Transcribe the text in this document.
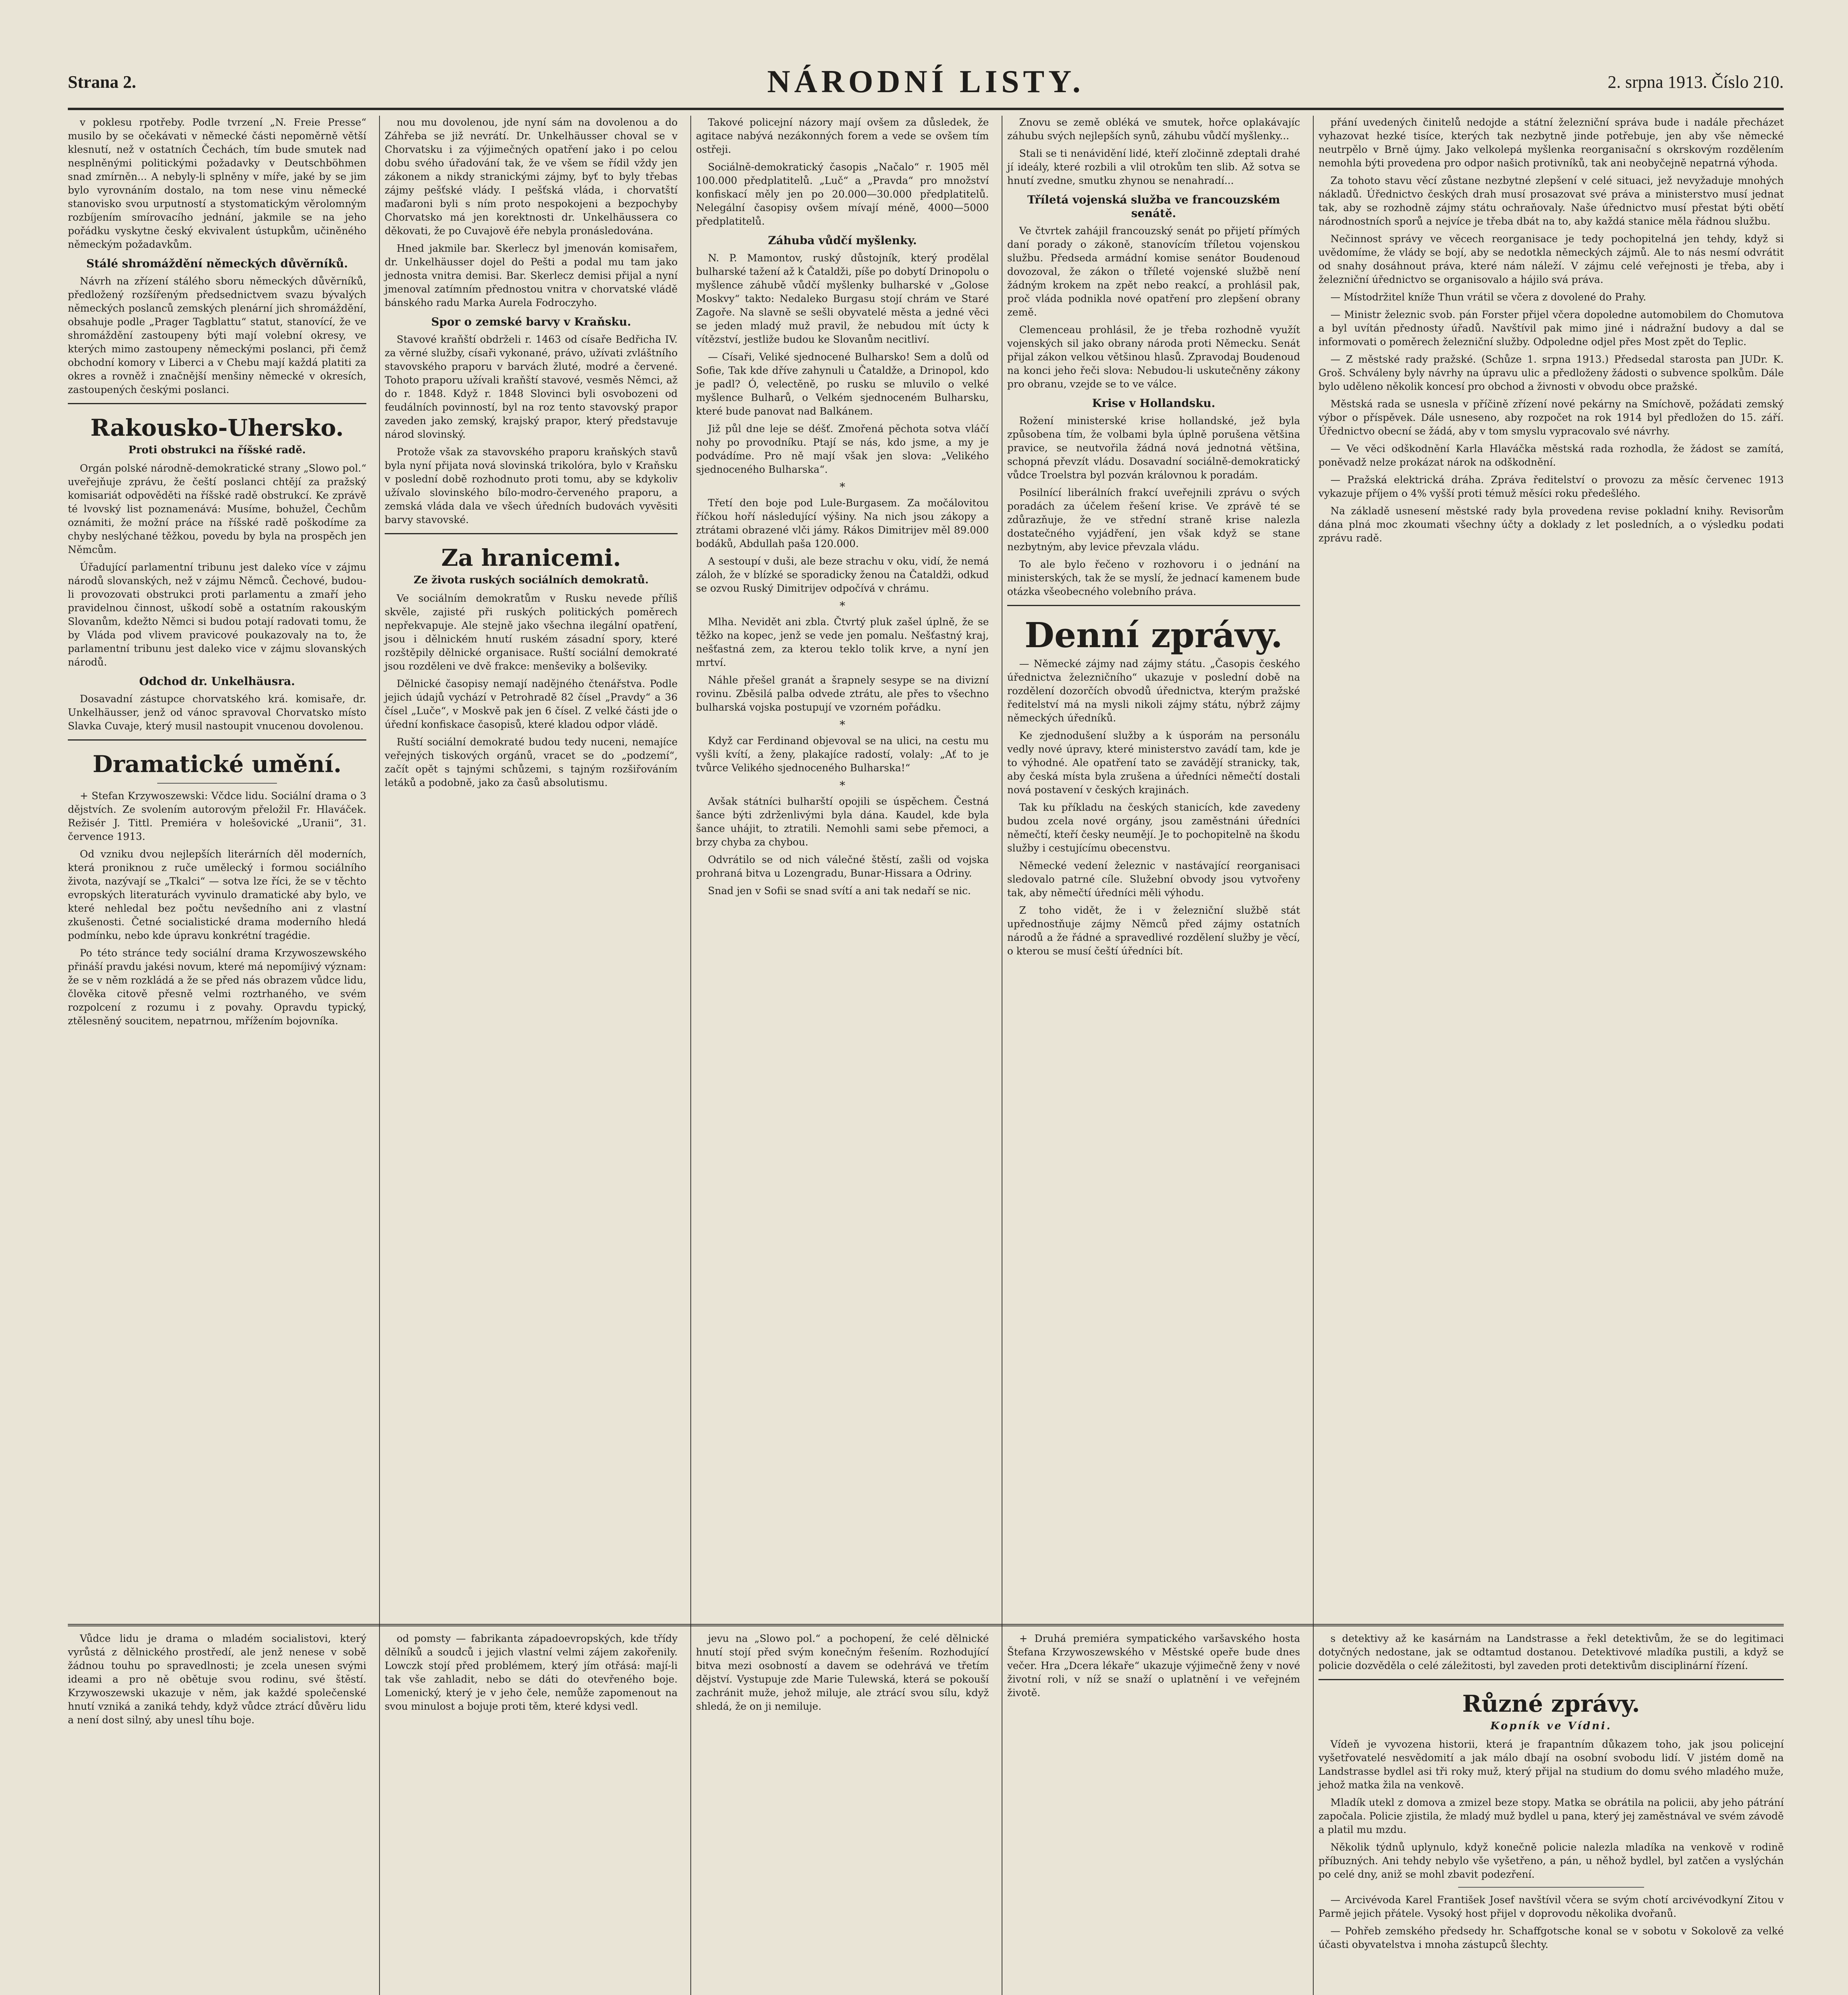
Strana 2.	NÁRODNÍ LISTY.	2. srpna 1913. Číslo 210.

v poklesu rpotřeby. Podle tvrzení „N. Freie Presse“ musilo by se očekávati v německé části nepoměrně větší klesnutí, než v ostatních Čechách, tím bude smutek nad nesplněnými politickými požadavky v Deutschböhmen snad zmírněn... A nebyly-li splněny v míře, jaké by se jim bylo vyrovnáním dostalo, na tom nese vinu německé stanovisko svou urputností a stystomatickým věrolomným rozbíjením smírovacího jednání, jakmile se na jeho pořádku vyskytne český ekvivalent ústupkům, učiněného německým požadavkům.

Stálé shromáždění německých důvěrníků.

Návrh na zřízení stálého sboru německých důvěrníků, předložený rozšířeným předsednictvem svazu bývalých německých poslanců zemských plenární jich shromáždění, obsahuje podle „Prager Tagblattu“ statut, stanovící, že ve shromáždění zastoupeny býti mají volební okresy, ve kterých mimo zastoupeny německými poslanci, při čemž obchodní komory v Liberci a v Chebu mají každá platiti za okres a rovněž i značnější menšiny německé v okresích, zastoupených českými poslanci.

Rakousko-Uhersko.
Proti obstrukci na říšské radě.

Orgán polské národně-demokratické strany „Slowo pol.“ uveřejňuje zprávu, že čeští poslanci chtějí za pražský komisariát odpověděti na říšské radě obstrukcí. Ke zprávě té lvovský list poznamenává: Musíme, bohužel, Čechům oznámiti, že možní práce na říšské radě poškodíme za chyby neslýchané těžkou, povedu by byla na prospěch jen Němcům.

Úřadující parlamentní tribunu jest daleko více v zájmu národů slovanských, než v zájmu Němců. Čechové, budou-li provozovati obstrukci proti parlamentu a zmaří jeho pravidelnou činnost, uškodí sobě a ostatním rakouským Slovanům, kdežto Němci si budou potají radovati tomu, že by Vláda pod vlivem pravicové poukazovaly na to, že parlamentní tribunu jest daleko vice v zájmu slovanských národů.

Odchod dr. Unkelhäusra.

Dosavadní zástupce chorvatského krá. komisaře, dr. Unkelhäusser, jenž od vánoc spravoval Chorvatsko místo Slavka Cuvaje, který musil nastoupit vnucenou dovolenou.

Dramatické umění.

+ Stefan Krzywoszewski: Včdce lidu. Sociální drama o 3 dějstvích. Ze svolením autorovým přeložil Fr. Hlaváček. Režisér J. Tittl. Premiéra v holešovické „Uranii“, 31. července 1913.

Od vzniku dvou nejlepších literárních děl moderních, která proniknou z ruče umělecký i formou sociálního života, nazývají se „Tkalci“ — sotva lze říci, že se v těchto evropských literaturách vyvinulo dramatické aby bylo, ve které nehledal bez počtu nevšedního ani z vlastní zkušenosti. Četné socialistické drama moderního hledá podmínku, nebo kde úpravu konkrétní tragédie.

Po této stránce tedy sociální drama Krzywoszewského přináší pravdu jakési novum, které má nepomíjivý význam: že se v něm rozkládá a že se před nás obrazem vůdce lidu, člověka citově přesně velmi roztrhaného, ve svém rozpolcení z rozumu i z povahy. Opravdu typický, ztělesněný soucitem, nepatrnou, mřížením bojovníka.

nou mu dovolenou, jde nyní sám na dovolenou a do Záhřeba se již nevrátí. Dr. Unkelhäusser choval se v Chorvatsku i za výjimečných opatření jako i po celou dobu svého úřadování tak, že ve všem se řídil vždy jen zákonem a nikdy stranickými zájmy, byť to byly třebas zájmy pešťské vlády. I pešťská vláda, i chorvatští maďaroni byli s ním proto nespokojeni a bezpochyby Chorvatsko má jen korektnosti dr. Unkelhäussera co děkovati, že po Cuvajově éře nebyla pronásledována.

Hned jakmile bar. Skerlecz byl jmenován komisařem, dr. Unkelhäusser dojel do Pešti a podal mu tam jako jednosta vnitra demisi. Bar. Skerlecz demisi přijal a nyní jmenoval zatímním přednostou vnitra v chorvatské vládě bánského radu Marka Aurela Fodroczyho.

Spor o zemské barvy v Kraňsku.

Stavové kraňští obdrželi r. 1463 od císaře Bedřicha IV. za věrné služby, císaři vykonané, právo, užívati zvláštního stavovského praporu v barvách žluté, modré a červené. Tohoto praporu užívali kraňští stavové, vesměs Němci, až do r. 1848. Když r. 1848 Slovinci byli osvobozeni od feudálních povinností, byl na roz tento stavovský prapor zaveden jako zemský, krajský prapor, který představuje národ slovinský.

Protože však za stavovského praporu kraňských stavů byla nyní přijata nová slovinská trikolóra, bylo v Kraňsku v poslední době rozhodnuto proti tomu, aby se kdykoliv užívalo slovinského bílo-modro-červeného praporu, a zemská vláda dala ve všech úředních budovách vyvěsiti barvy stavovské.

Za hranicemi.
Ze života ruských sociálních demokratů.

Ve sociálním demokratům v Rusku nevede příliš skvěle, zajisté při ruských politických poměrech nepřekvapuje. Ale stejně jako všechna ilegální opatření, jsou i dělnickém hnutí ruském zásadní spory, které rozštěpily dělnické organisace. Ruští sociální demokraté jsou rozděleni ve dvě frakce: menševiky a bolševiky.

Dělnické časopisy nemají nadějného čtenářstva. Podle jejich údajů vychází v Petrohradě 82 čísel „Pravdy“ a 36 čísel „Luče“, v Moskvě pak jen 6 čísel. Z velké části jde o úřední konfiskace časopisů, které kladou odpor vládě.

Ruští sociální demokraté budou tedy nuceni, nemajíce veřejných tiskových orgánů, vracet se do „podzemí“, začít opět s tajnými schůzemi, s tajným rozšiřováním letáků a podobně, jako za časů absolutismu.

Takové policejní názory mají ovšem za důsledek, že agitace nabývá nezákonných forem a vede se ovšem tím ostřeji.

Sociálně-demokratický časopis „Načalo“ r. 1905 měl 100.000 předplatitelů. „Luč“ a „Pravda“ pro množství konfiskací měly jen po 20.000—30.000 předplatitelů. Nelegální časopisy ovšem mívají méně, 4000—5000 předplatitelů.

Záhuba vůdčí myšlenky.

N. P. Mamontov, ruský důstojník, který prodělal bulharské tažení až k Čataldži, píše po dobytí Drinopolu o myšlence záhubě vůdčí myšlenky bulharské v „Golose Moskvy“ takto: Nedaleko Burgasu stojí chrám ve Staré Zagoře. Na slavně se sešli obyvatelé města a jedné věci se jeden mladý muž pravil, že nebudou mít úcty k vítězství, jestliže budou ke Slovanům necitliví.

— Císaři, Veliké sjednocené Bulharsko! Sem a dolů od Sofie, Tak kde dříve zahynuli u Čataldže, a Drinopol, kdo je padl? Ó, velectěně, po rusku se mluvilo o velké myšlence Bulharů, o Velkém sjednoceném Bulharsku, které bude panovat nad Balkánem.

Již půl dne leje se déšť. Zmořená pěchota sotva vláčí nohy po provodníku. Ptají se nás, kdo jsme, a my je podvádíme. Pro ně mají však jen slova: „Velikého sjednoceného Bulharska“.

*

Třetí den boje pod Lule-Burgasem. Za močálovitou říčkou hoří následující výšiny. Na nich jsou zákopy a ztrátami obrazené vlči jámy. Rákos Dimitrijev měl 89.000 bodáků, Abdullah paša 120.000.

A sestoupí v duši, ale beze strachu v oku, vidí, že nemá záloh, že v blízké se sporadicky ženou na Čataldži, odkud se ozvou Ruský Dimitrijev odpočívá v chrámu.

*

Mlha. Nevidět ani zbla. Čtvrtý pluk zašel úplně, že se těžko na kopec, jenž se vede jen pomalu. Nešťastný kraj, nešťastná zem, za kterou teklo tolik krve, a nyní jen mrtví.

Náhle přešel granát a šrapnely sesype se na divizní rovinu. Zběsilá palba odvede ztrátu, ale přes to všechno bulharská vojska postupují ve vzorném pořádku.

*

Když car Ferdinand objevoval se na ulici, na cestu mu vyšli kvítí, a ženy, plakajíce radostí, volaly: „Ať to je tvůrce Velikého sjednoceného Bulharska!“

*

Avšak státníci bulharští opojili se úspěchem. Čestná šance býti zdrženlivými byla dána. Kaudel, kde byla šance uhájit, to ztratili. Nemohli sami sebe přemoci, a brzy chyba za chybou.

Odvrátilo se od nich válečné štěstí, zašli od vojska prohraná bitva u Lozengradu, Bunar-Hissara a Odriny.

Snad jen v Sofii se snad svítí a ani tak nedaří se nic.

Znovu se země obléká ve smutek, hořce oplakávajíc záhubu svých nejlepších synů, záhubu vůdčí myšlenky...

Stali se ti nenávidění lidé, kteří zločinně zdeptali drahé jí ideály, které rozbili a vlil otrokům ten slib. Až sotva se hnutí zvedne, smutku zhynou se nenahradí...

Tříletá vojenská služba ve francouzském senátě.

Ve čtvrtek zahájil francouzský senát po přijetí přímých daní porady o zákoně, stanovícím tříletou vojenskou službu. Předseda armádní komise senátor Boudenoud dovozoval, že zákon o tříleté vojenské službě není žádným krokem na zpět nebo reakcí, a prohlásil pak, proč vláda podnikla nové opatření pro zlepšení obrany země.

Clemenceau prohlásil, že je třeba rozhodně využít vojenských sil jako obrany národa proti Německu. Senát přijal zákon velkou většinou hlasů. Zpravodaj Boudenoud na konci jeho řeči slova: Nebudou-li uskutečněny zákony pro obranu, vzejde se to ve válce.

Krise v Hollandsku.

Rožení ministerské krise hollandské, jež byla způsobena tím, že volbami byla úplně porušena většina pravice, se neutvořila žádná nová jednotná většina, schopná převzít vládu. Dosavadní sociálně-demokratický vůdce Troelstra byl pozván královnou k poradám.

Posilnící liberálních frakcí uveřejnili zprávu o svých poradách za účelem řešení krise. Ve zprávě té se zdůrazňuje, že ve střední straně krise nalezla dostatečného vyjádření, jen však když se stane nezbytným, aby levice převzala vládu.

To ale bylo řečeno v rozhovoru i o jednání na ministerských, tak že se myslí, že jednací kamenem bude otázka všeobecného volebního práva.

Denní zprávy.

— Německé zájmy nad zájmy státu. „Časopis českého úřednictva železničního“ ukazuje v poslední době na rozdělení dozorčích obvodů úřednictva, kterým pražské ředitelství má na mysli nikoli zájmy státu, nýbrž zájmy německých úředníků.

Ke zjednodušení služby a k úsporám na personálu vedly nové úpravy, které ministerstvo zavádí tam, kde je to výhodné. Ale opatření tato se zavádějí stranicky, tak, aby česká místa byla zrušena a úředníci němečtí dostali nová postavení v českých krajinách.

Tak ku příkladu na českých stanicích, kde zavedeny budou zcela nové orgány, jsou zaměstnáni úředníci němečtí, kteří česky neumějí. Je to pochopitelně na škodu služby i cestujícímu obecenstvu.

Německé vedení železnic v nastávající reorganisaci sledovalo patrné cíle. Služební obvody jsou vytvořeny tak, aby němečtí úředníci měli výhodu.

Z toho vidět, že i v železniční službě stát upřednostňuje zájmy Němců před zájmy ostatních národů a že řádné a spravedlivé rozdělení služby je věcí, o kterou se musí čeští úředníci bít.

přání uvedených činitelů nedojde a státní železniční správa bude i nadále přecházet vyhazovat hezké tisíce, kterých tak nezbytně jinde potřebuje, jen aby vše německé neutrpělo v Brně újmy. Jako velkolepá myšlenka reorganisační s okrskovým rozdělením nemohla býti provedena pro odpor našich protivníků, tak ani neobyčejně nepatrná výhoda.

Za tohoto stavu věcí zůstane nezbytné zlepšení v celé situaci, jež nevyžaduje mnohých nákladů. Úřednictvo českých drah musí prosazovat své práva a ministerstvo musí jednat tak, aby se rozhodně zájmy státu ochraňovaly. Naše úřednictvo musí přestat býti obětí národnostních sporů a nejvíce je třeba dbát na to, aby každá stanice měla řádnou službu.

Nečinnost správy ve věcech reorganisace je tedy pochopitelná jen tehdy, když si uvědomíme, že vlády se bojí, aby se nedotkla německých zájmů. Ale to nás nesmí odvrátit od snahy dosáhnout práva, které nám náleží. V zájmu celé veřejnosti je třeba, aby i železniční úřednictvo se organisovalo a hájilo svá práva.

— Místodržitel kníže Thun vrátil se včera z dovolené do Prahy.

— Ministr železnic svob. pán Forster přijel včera dopoledne automobilem do Chomutova a byl uvítán přednosty úřadů. Navštívil pak mimo jiné i nádražní budovy a dal se informovati o poměrech železniční služby. Odpoledne odjel přes Most zpět do Teplic.

— Z městské rady pražské. (Schůze 1. srpna 1913.) Předsedal starosta pan JUDr. K. Groš. Schváleny byly návrhy na úpravu ulic a předloženy žádosti o subvence spolkům. Dále bylo uděleno několik koncesí pro obchod a živnosti v obvodu obce pražské.

Městská rada se usnesla v příčině zřízení nové pekárny na Smíchově, požádati zemský výbor o příspěvek. Dále usneseno, aby rozpočet na rok 1914 byl předložen do 15. září. Úřednictvo obecní se žádá, aby v tom smyslu vypracovalo své návrhy.

— Ve věci odškodnění Karla Hlaváčka městská rada rozhodla, že žádost se zamítá, poněvadž nelze prokázat nárok na odškodnění.

— Pražská elektrická dráha. Zpráva ředitelství o provozu za měsíc červenec 1913 vykazuje příjem o 4% vyšší proti témuž měsíci roku předešlého.

Na základě usnesení městské rady byla provedena revise pokladní knihy. Revisorům dána plná moc zkoumati všechny účty a doklady z let posledních, a o výsledku podati zprávu radě.

Vůdce lidu je drama o mladém socialistovi, který vyrůstá z dělnického prostředí, ale jenž nenese v sobě žádnou touhu po spravedlnosti; je zcela unesen svými ideami a pro ně obětuje svou rodinu, své štěstí. Krzywoszewski ukazuje v něm, jak každé společenské hnutí vzniká a zaniká tehdy, když vůdce ztrácí důvěru lidu a není dost silný, aby unesl tíhu boje.

od pomsty — fabrikanta západoevropských, kde třídy dělníků a soudců i jejich vlastní velmi zájem zakořenily. Lowczk stojí před problémem, který jím otřásá: mají-li tak vše zahladit, nebo se dáti do otevřeného boje. Lomenický, který je v jeho čele, nemůže zapomenout na svou minulost a bojuje proti těm, které kdysi vedl.

jevu na „Slowo pol.“ a pochopení, že celé dělnické hnutí stojí před svým konečným řešením. Rozhodující bitva mezi osobností a davem se odehrává ve třetím dějství. Vystupuje zde Marie Tulewská, která se pokouší zachránit muže, jehož miluje, ale ztrácí svou sílu, když shledá, že on ji nemiluje.

+ Druhá premiéra sympatického varšavského hosta Štefana Krzywoszewského v Městské opeře bude dnes večer. Hra „Dcera lékaře“ ukazuje výjimečně ženy v nové životní roli, v níž se snaží o uplatnění i ve veřejném životě.

s detektivy až ke kasárnám na Landstrasse a řekl detektivům, že se do legitimaci dotyčných nedostane, jak se odtamtud dostanou. Detektivové mladíka pustili, a když se policie dozvěděla o celé záležitosti, byl zaveden proti detektivům disciplinární řízení.

Různé zprávy.
Kopník ve Vídni.

Vídeň je vyvozena historii, která je frapantním důkazem toho, jak jsou policejní vyšetřovatelé nesvědomití a jak málo dbají na osobní svobodu lidí. V jistém domě na Landstrasse bydlel asi tři roky muž, který přijal na studium do domu svého mladého muže, jehož matka žila na venkově.

Mladík utekl z domova a zmizel beze stopy. Matka se obrátila na policii, aby jeho pátrání započala. Policie zjistila, že mladý muž bydlel u pana, který jej zaměstnával ve svém závodě a platil mu mzdu.

Několik týdnů uplynulo, když konečně policie nalezla mladíka na venkově v rodině příbuzných. Ani tehdy nebylo vše vyšetřeno, a pán, u něhož bydlel, byl zatčen a vyslýchán po celé dny, aniž se mohl zbavit podezření.

— Arcivévoda Karel František Josef navštívil včera se svým chotí arcivévodkyní Zitou v Parmě jejich přátele. Vysoký host přijel v doprovodu několika dvořanů.

— Pohřeb zemského předsedy hr. Schaffgotsche konal se v sobotu v Sokolově za velké účasti obyvatelstva i mnoha zástupců šlechty.
